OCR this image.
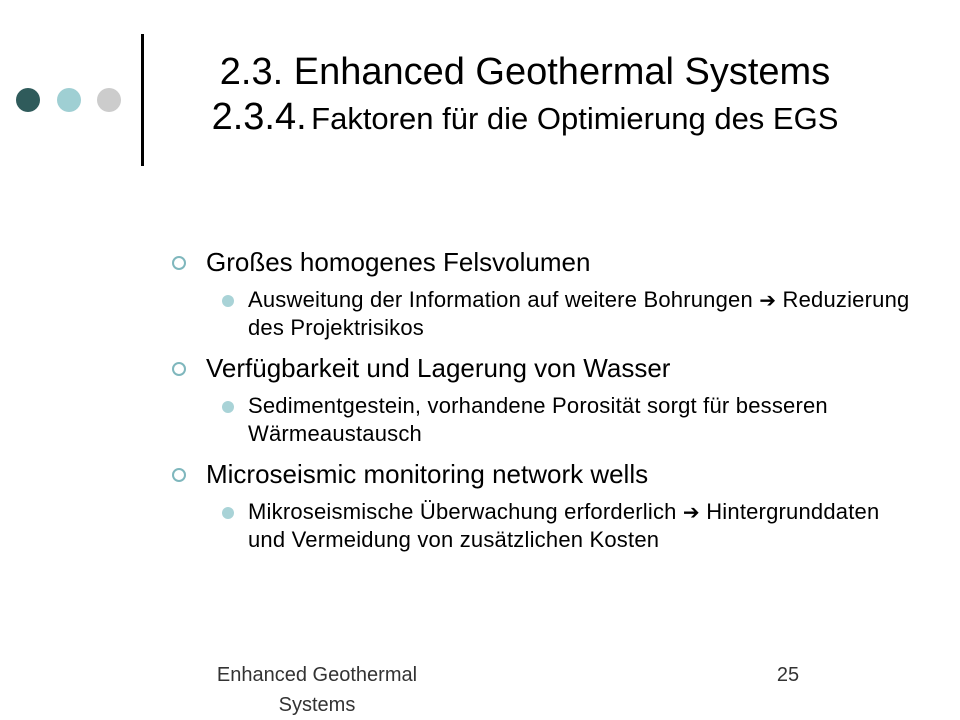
2.3. Enhanced Geothermal Systems
2.3.4. Faktoren für die Optimierung des EGS
Großes homogenes Felsvolumen
Ausweitung der Information auf weitere Bohrungen ➔ Reduzierung des Projektrisikos
Verfügbarkeit und Lagerung von Wasser
Sedimentgestein, vorhandene Porosität sorgt für besseren Wärmeaustausch
Microseismic monitoring network wells
Mikroseismische Überwachung erforderlich ➔ Hintergrunddaten und Vermeidung von zusätzlichen Kosten
Enhanced Geothermal Systems
25
